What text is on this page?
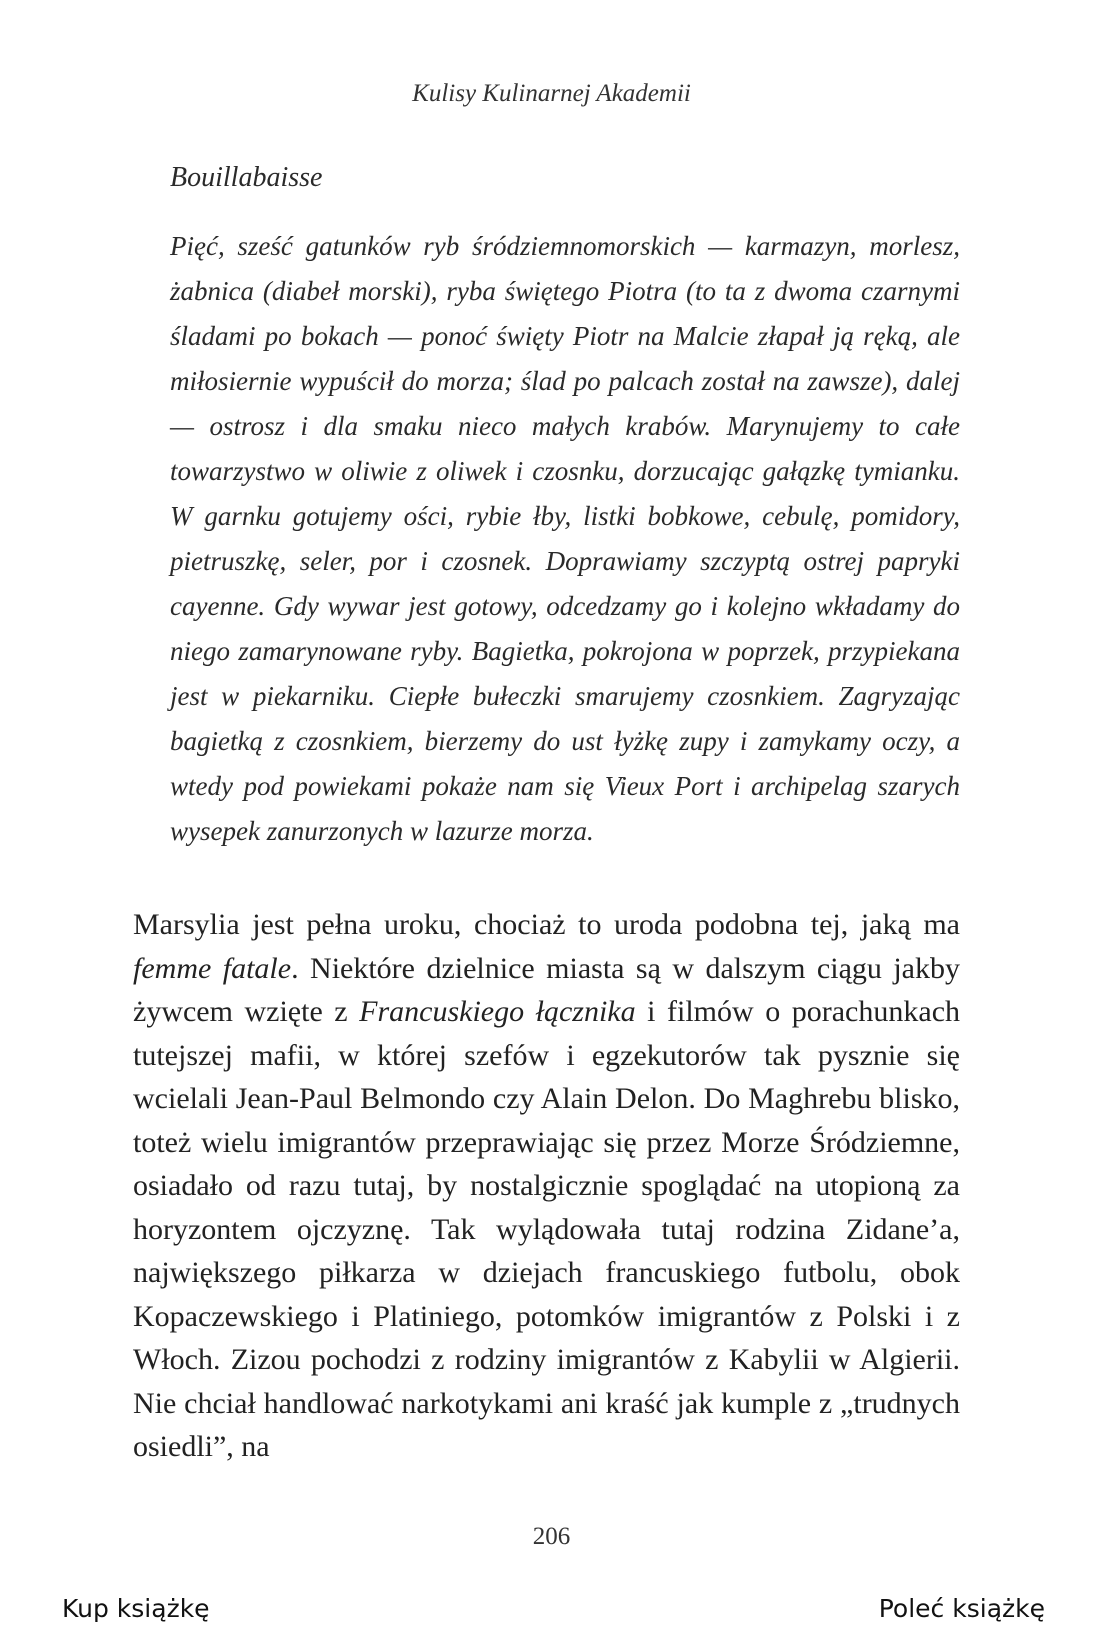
Kulisy Kulinarnej Akademii
Bouillabaisse
Pięć, sześć gatunków ryb śródziemnomorskich — karmazyn, morlesz, żabnica (diabeł morski), ryba świętego Piotra (to ta z dwoma czarnymi śladami po bokach — ponoć święty Piotr na Malcie złapał ją ręką, ale miłosiernie wypuścił do morza; ślad po palcach został na zawsze), dalej — ostrosz i dla smaku nieco małych krabów. Marynujemy to całe towarzystwo w oliwie z oliwek i czosnku, dorzucając gałązkę tymianku. W garnku gotujemy ości, rybie łby, listki bobkowe, cebulę, pomidory, pietruszkę, seler, por i czosnek. Doprawiamy szczyptą ostrej papryki cayenne. Gdy wywar jest gotowy, odcedzamy go i kolejno wkładamy do niego zamarynowane ryby. Bagietka, pokrojona w poprzek, przypiekana jest w piekarniku. Ciepłe bułeczki smarujemy czosnkiem. Zagryzając bagietką z czosnkiem, bierzemy do ust łyżkę zupy i zamykamy oczy, a wtedy pod powiekami pokaże nam się Vieux Port i archipelag szarych wysepek zanurzonych w lazurze morza.
Marsylia jest pełna uroku, chociaż to uroda podobna tej, jaką ma femme fatale. Niektóre dzielnice miasta są w dalszym ciągu jakby żywcem wzięte z Francuskiego łącznika i filmów o porachunkach tutejszej mafii, w której szefów i egzekutorów tak pysznie się wcielali Jean-Paul Belmondo czy Alain Delon. Do Maghrebu blisko, toteż wielu imigrantów przeprawiając się przez Morze Śródziemne, osiadało od razu tutaj, by nostalgicznie spoglądać na utopioną za horyzontem ojczyznę. Tak wylądowała tutaj rodzina Zidane’a, największego piłkarza w dziejach francuskiego futbolu, obok Kopaczewskiego i Platiniego, potomków imigrantów z Polski i z Włoch. Zizou pochodzi z rodziny imigrantów z Kabylii w Algierii. Nie chciał handlować narkotykami ani kraść jak kumple z „trudnych osiedli”, na
206
Kup książkę	Poleć książkę
